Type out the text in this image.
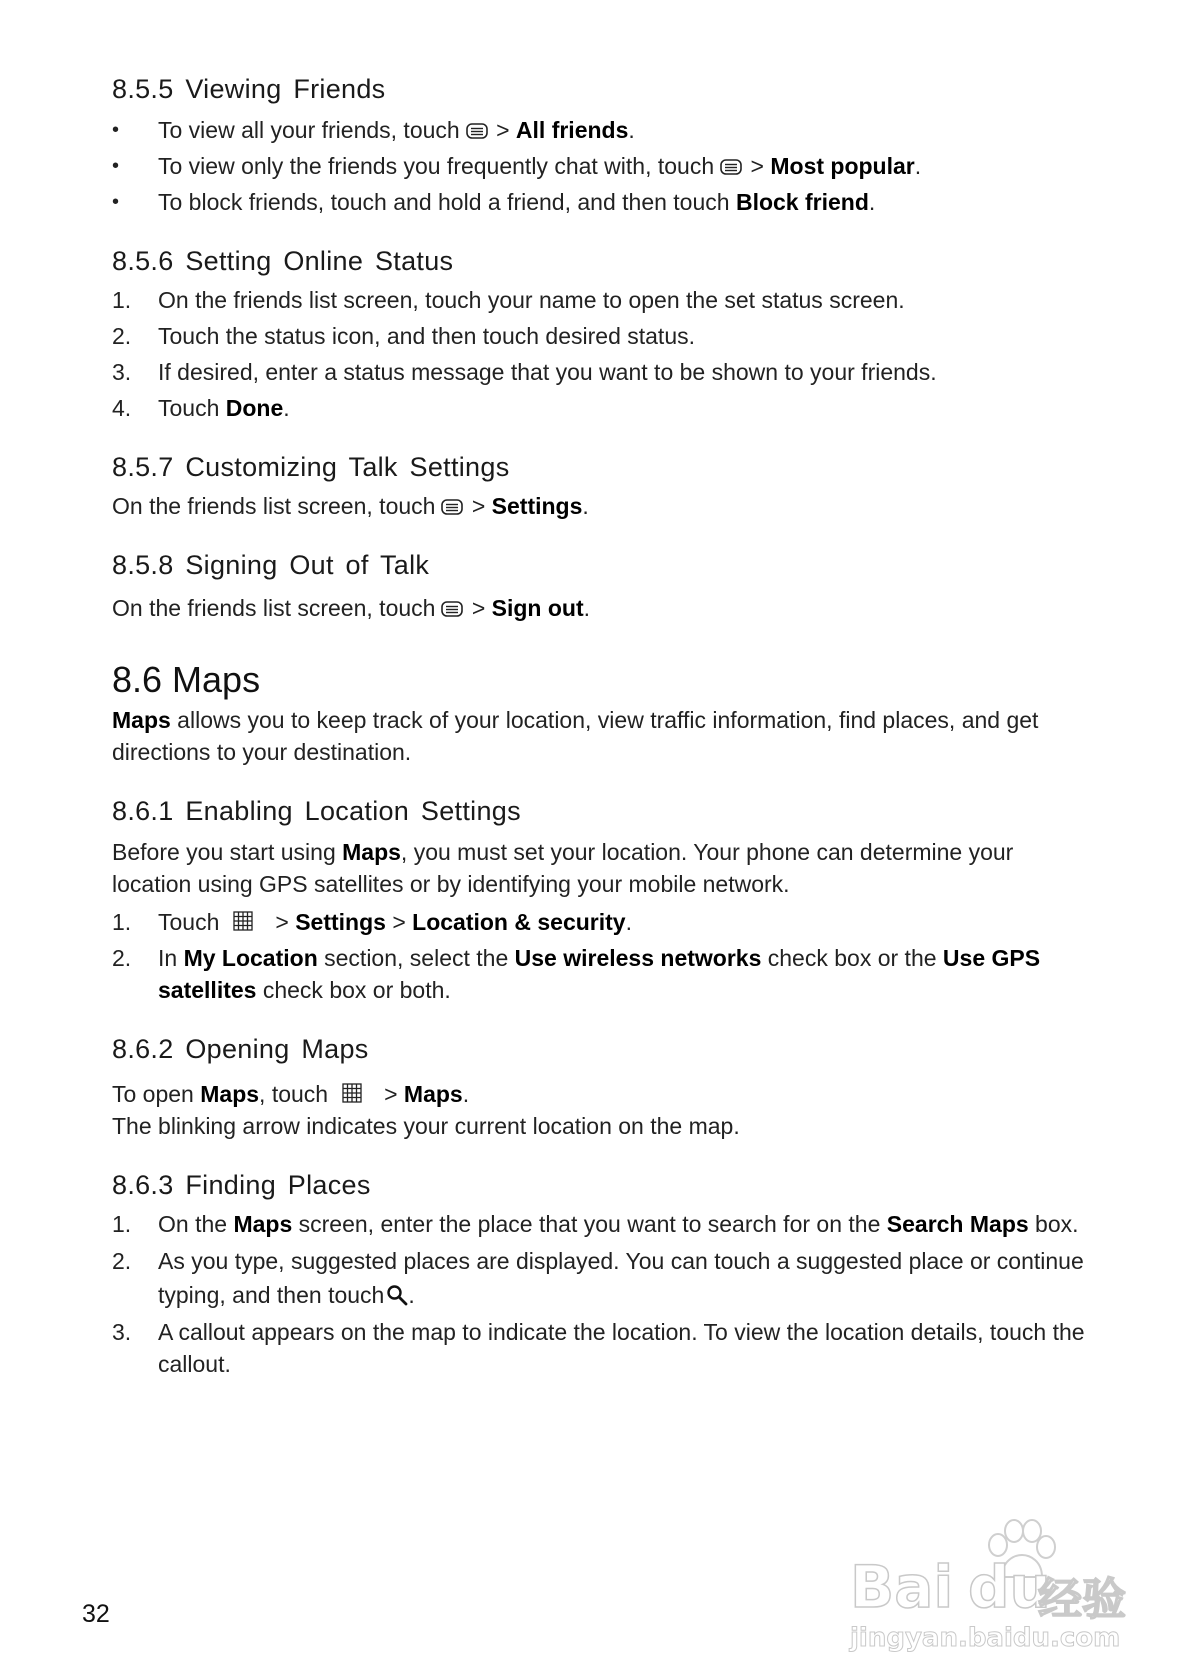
8.5.5 Viewing Friends
• To view all your friends, touch > All friends.
• To view only the friends you frequently chat with, touch > Most popular.
• To block friends, touch and hold a friend, and then touch Block friend.
8.5.6 Setting Online Status
1. On the friends list screen, touch your name to open the set status screen.
2. Touch the status icon, and then touch desired status.
3. If desired, enter a status message that you want to be shown to your friends.
4. Touch Done.
8.5.7 Customizing Talk Settings

On the friends list screen, touch > Settings.

8.5.8 Signing Out of Talk

On the friends list screen, touch > Sign out.

8.6 Maps

Maps allows you to keep track of your location, view traffic information, find places, and get directions to your destination.

8.6.1 Enabling Location Settings

Before you start using Maps, you must set your location. Your phone can determine your location using GPS satellites or by identifying your mobile network.

1. Touch > Settings > Location & security.
2. In My Location section, select the Use wireless networks check box or the Use GPS satellites check box or both.
8.6.2 Opening Maps

To open Maps, touch > Maps.
The blinking arrow indicates your current location on the map.

8.6.3 Finding Places
1. On the Maps screen, enter the place that you want to search for on the Search Maps box.
2. As you type, suggested places are displayed. You can touch a suggested place or continue typing, and then touch .
3. A callout appears on the map to indicate the location. To view the location details, touch the callout.
32	Bai du
经验
jingyan.baidu.com
